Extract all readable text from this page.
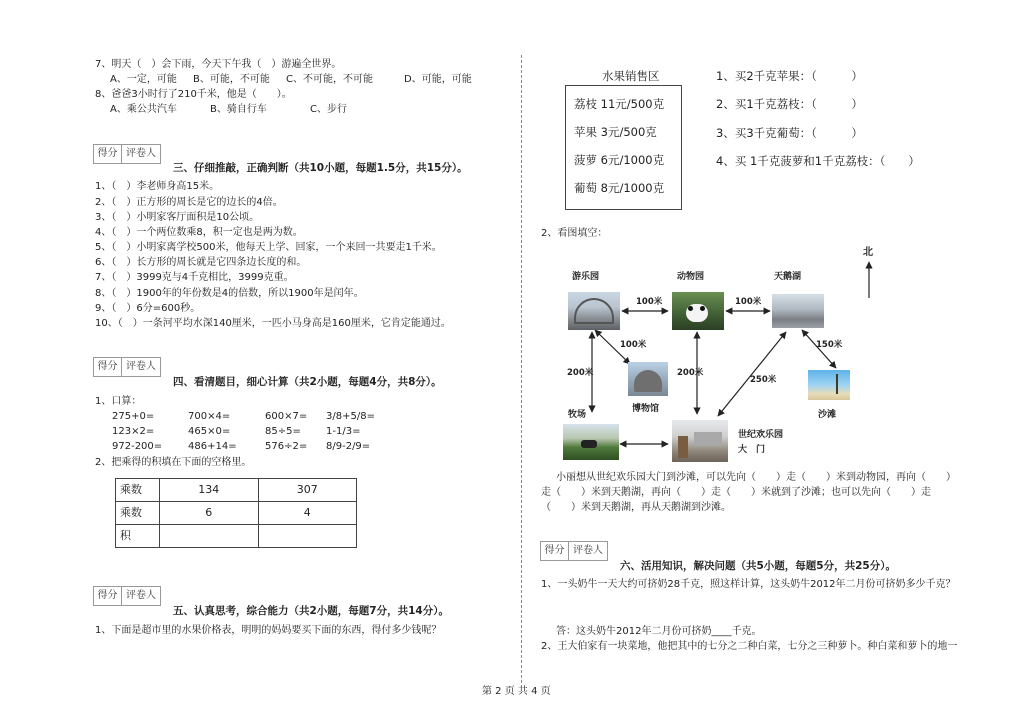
7、明天（　）会下雨，今天下午我（　）游遍全世界。
A、一定，可能 B、可能，不可能 C、不可能，不可能	D、可能，可能
8、爸爸3小时行了210千米，他是（　　）。
A、乘公共汽车	B、骑自行车	C、步行
得分 评卷人
三、仔细推敲，正确判断（共10小题，每题1.5分，共15分）。
1、（　）李老师身高15米。
2、（　）正方形的周长是它的边长的4倍。
3、（　）小明家客厅面积是10公顷。
4、（　）一个两位数乘8，积一定也是两为数。
5、（　）小明家离学校500米，他每天上学、回家，一个来回一共要走1千米。
6、（　）长方形的周长就是它四条边长度的和。
7、（　）3999克与4千克相比，3999克重。
8、（　）1900年的年份数是4的倍数，所以1900年是闰年。
9、（　）6分=600秒。
10、（　）一条河平均水深140厘米，一匹小马身高是160厘米，它肯定能通过。
得分 评卷人
四、看清题目，细心计算（共2小题，每题4分，共8分）。
1、口算：
275+0=	700×4=	600×7= 3/8+5/8=
123×2=	465×0=	85÷5=	1-1/3=
972-200=	486+14=	576÷2= 8/9-2/9=
2、把乘得的积填在下面的空格里。
乘数	134	307
乘数	6	4
积		
得分 评卷人
五、认真思考，综合能力（共2小题，每题7分，共14分）。
1、下面是超市里的水果价格表，明明的妈妈要买下面的东西，得付多少钱呢？
荔枝 11元/500克
苹果 3元/500克
菠萝 6元/1000克
葡萄 8元/1000克
水果销售区	1、买2千克苹果：（　　　）
2、买1千克荔枝：（　　　）
3、买3千克葡萄：（　　　）
4、买 1千克菠萝和1千克荔枝：（　　）
2、看图填空：
北
游乐园	动物园	天鹅湖
博物馆
牧场	沙滩
世纪欢乐园
大　门
100米	100米
100米	150米
200米	200米
250米
小丽想从世纪欢乐园大门到沙滩，可以先向（　　）走（　　）米到动物园，再向（　　）
走（　　）米到天鹅湖，再向（　　）走（　　）米就到了沙滩；也可以先向（　　）走
（　　）米到天鹅湖，再从天鹅湖到沙滩。
得分 评卷人
六、活用知识，解决问题（共5小题，每题5分，共25分）。
1、一头奶牛一天大约可挤奶28千克，照这样计算，这头奶牛2012年二月份可挤奶多少千克？
答：这头奶牛2012年二月份可挤奶____千克。
2、王大伯家有一块菜地，他把其中的七分之二种白菜，七分之三种萝卜。种白菜和萝卜的地一
第 2 页 共 4 页
